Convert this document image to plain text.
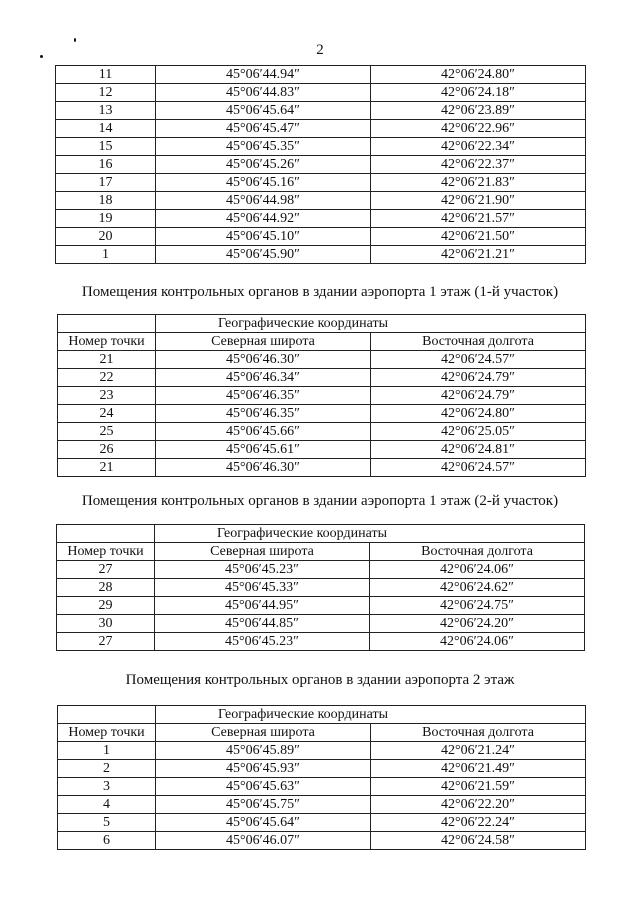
2
11	45°06′44.94″	42°06′24.80″
12	45°06′44.83″	42°06′24.18″
13	45°06′45.64″	42°06′23.89″
14	45°06′45.47″	42°06′22.96″
15	45°06′45.35″	42°06′22.34″
16	45°06′45.26″	42°06′22.37″
17	45°06′45.16″	42°06′21.83″
18	45°06′44.98″	42°06′21.90″
19	45°06′44.92″	42°06′21.57″
20	45°06′45.10″	42°06′21.50″
1	45°06′45.90″	42°06′21.21″
Помещения контрольных органов в здании аэропорта 1 этаж (1-й участок)
	Географические координаты	
Номер точки	Северная широта	Восточная долгота
21	45°06′46.30″	42°06′24.57″
22	45°06′46.34″	42°06′24.79″
23	45°06′46.35″	42°06′24.79″
24	45°06′46.35″	42°06′24.80″
25	45°06′45.66″	42°06′25.05″
26	45°06′45.61″	42°06′24.81″
21	45°06′46.30″	42°06′24.57″
Помещения контрольных органов в здании аэропорта 1 этаж (2-й участок)
	Географические координаты	
Номер точки	Северная широта	Восточная долгота
27	45°06′45.23″	42°06′24.06″
28	45°06′45.33″	42°06′24.62″
29	45°06′44.95″	42°06′24.75″
30	45°06′44.85″	42°06′24.20″
27	45°06′45.23″	42°06′24.06″
Помещения контрольных органов в здании аэропорта 2 этаж
	Географические координаты	
Номер точки	Северная широта	Восточная долгота
1	45°06′45.89″	42°06′21.24″
2	45°06′45.93″	42°06′21.49″
3	45°06′45.63″	42°06′21.59″
4	45°06′45.75″	42°06′22.20″
5	45°06′45.64″	42°06′22.24″
6	45°06′46.07″	42°06′24.58″
